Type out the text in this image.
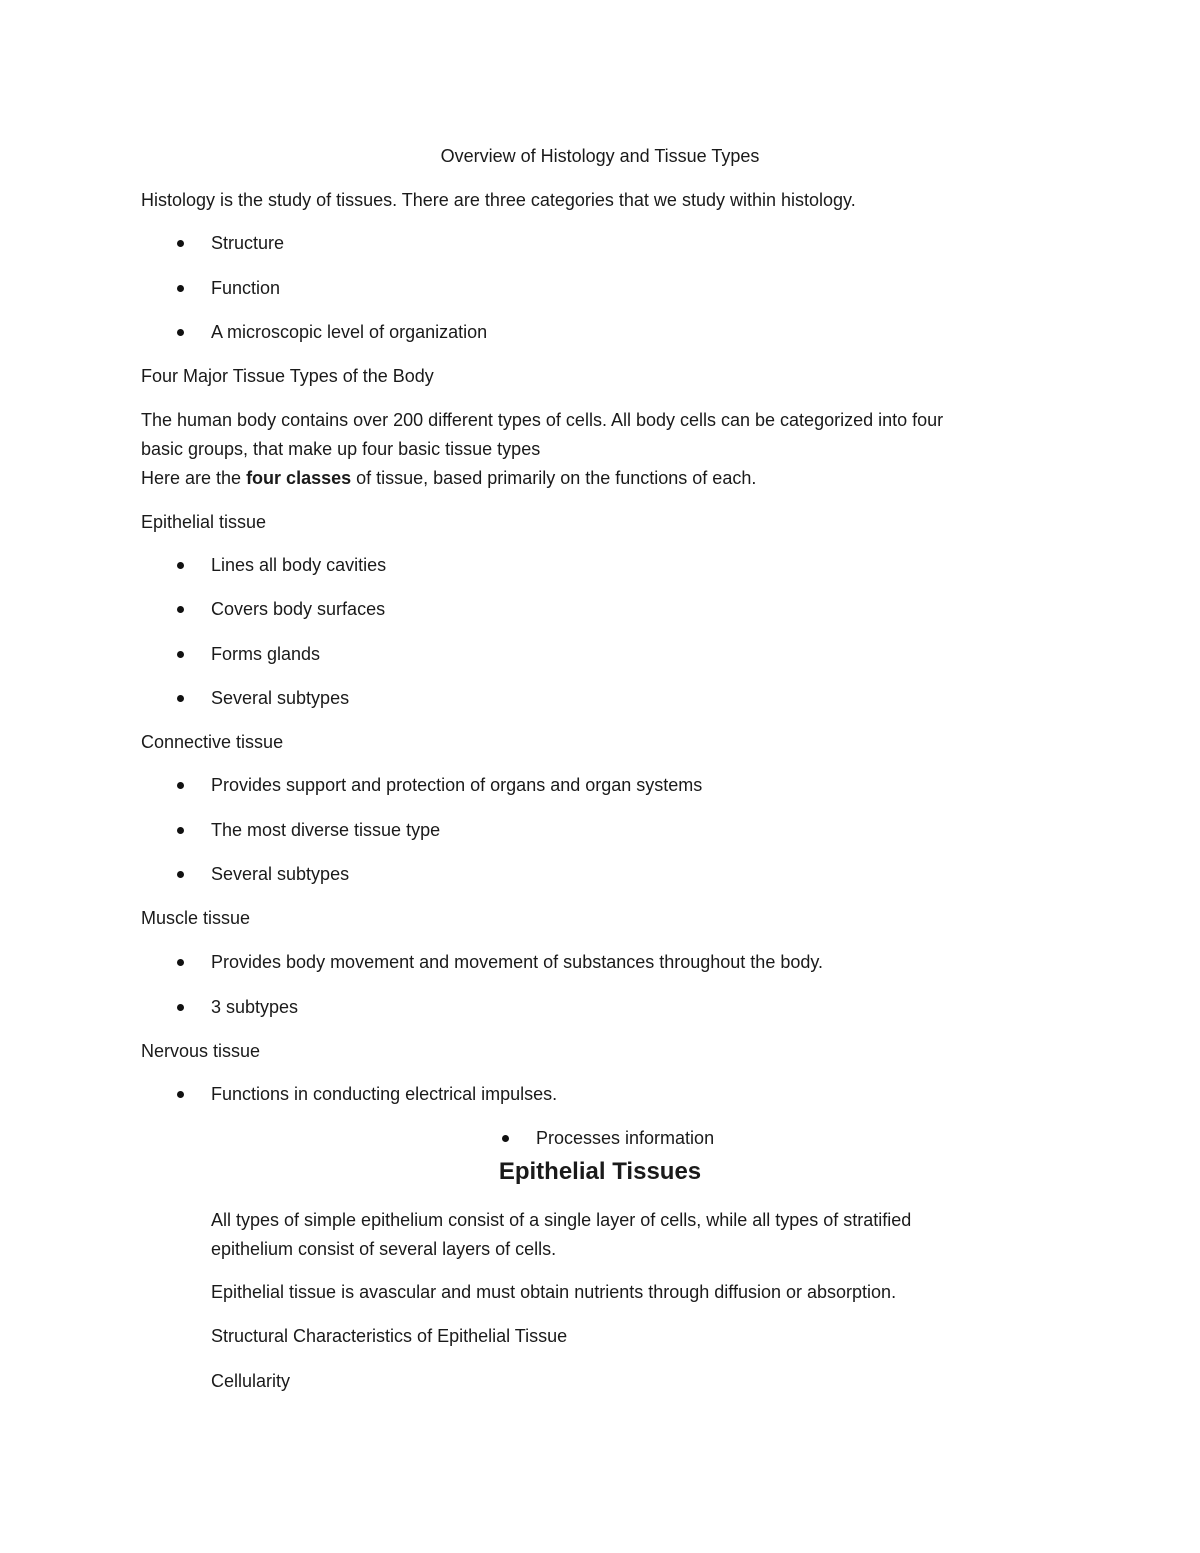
Overview of Histology and Tissue Types
Histology is the study of tissues. There are three categories that we study within histology.
Structure
Function
A microscopic level of organization
Four Major Tissue Types of the Body
The human body contains over 200 different types of cells. All body cells can be categorized into four
basic groups, that make up four basic tissue types
Here are the four classes of tissue, based primarily on the functions of each.
Epithelial tissue
Lines all body cavities
Covers body surfaces
Forms glands
Several subtypes
Connective tissue
Provides support and protection of organs and organ systems
The most diverse tissue type
Several subtypes
Muscle tissue
Provides body movement and movement of substances throughout the body.
3 subtypes
Nervous tissue
Functions in conducting electrical impulses.
Processes information
Epithelial Tissues
All types of simple epithelium consist of a single layer of cells, while all types of stratified
epithelium consist of several layers of cells.
Epithelial tissue is avascular and must obtain nutrients through diffusion or absorption.
Structural Characteristics of Epithelial Tissue
Cellularity
